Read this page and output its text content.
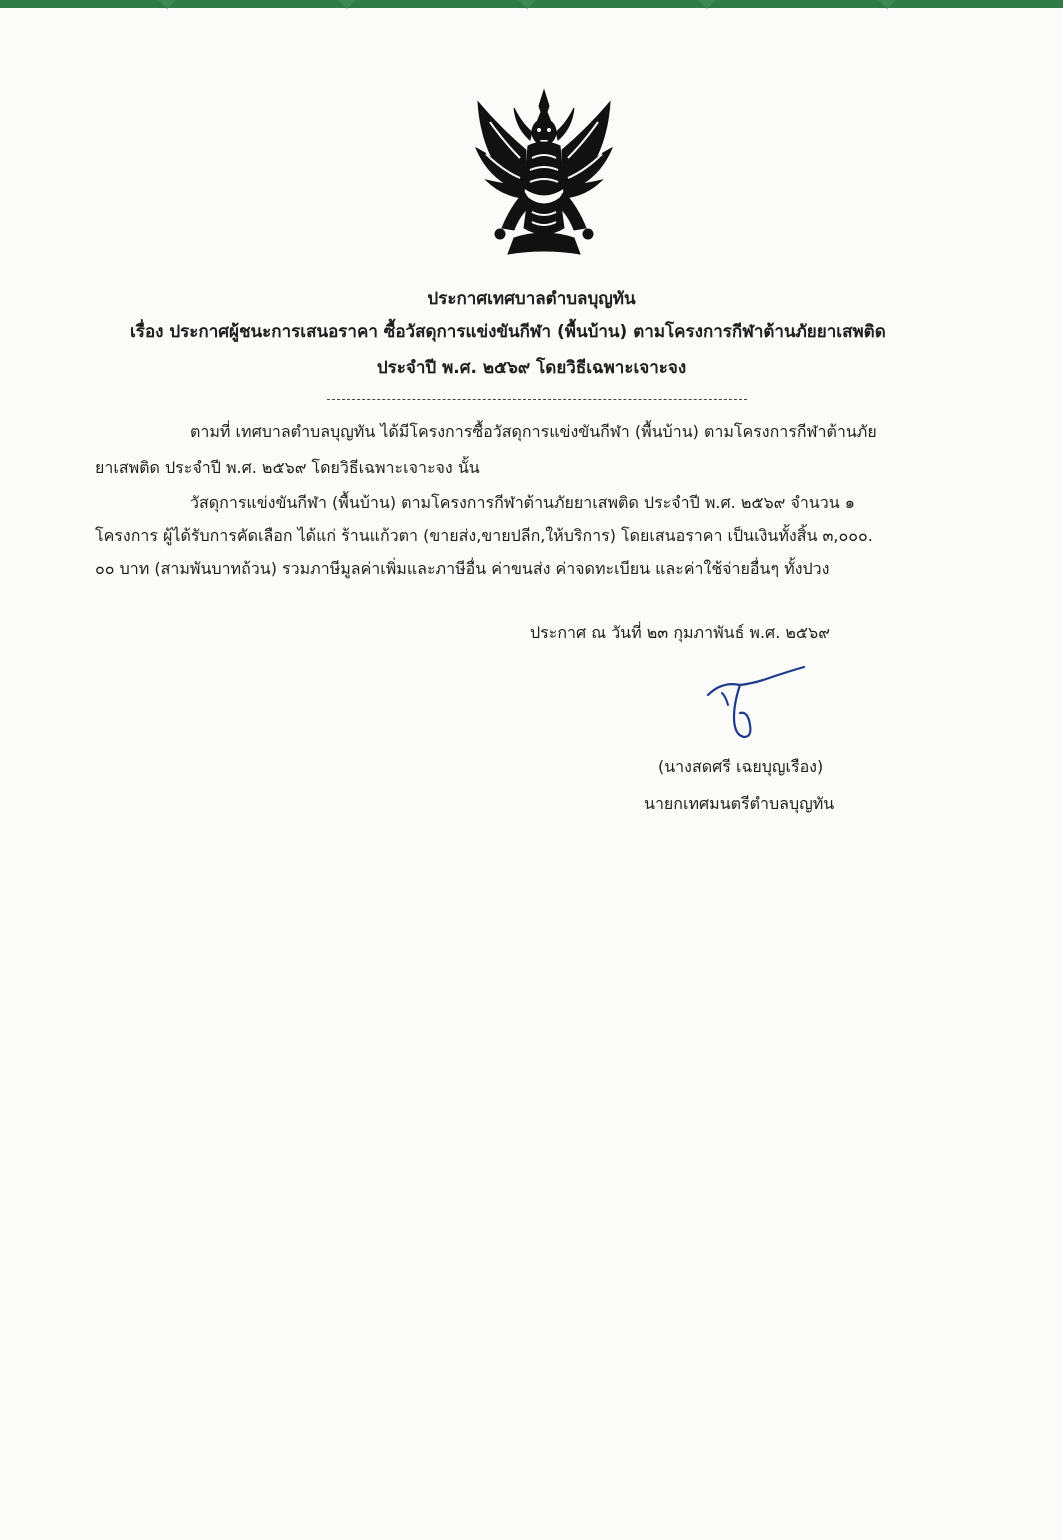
ประกาศเทศบาลตำบลบุญทัน
เรื่อง ประกาศผู้ชนะการเสนอราคา ซื้อวัสดุการแข่งขันกีฬา (พื้นบ้าน) ตามโครงการกีฬาต้านภัยยาเสพติด
ประจำปี พ.ศ. ๒๕๖๙ โดยวิธีเฉพาะเจาะจง
ตามที่ เทศบาลตำบลบุญทัน ได้มีโครงการซื้อวัสดุการแข่งขันกีฬา (พื้นบ้าน) ตามโครงการกีฬาต้านภัย
ยาเสพติด ประจำปี พ.ศ. ๒๕๖๙ โดยวิธีเฉพาะเจาะจง นั้น
วัสดุการแข่งขันกีฬา (พื้นบ้าน) ตามโครงการกีฬาต้านภัยยาเสพติด ประจำปี พ.ศ. ๒๕๖๙ จำนวน ๑
โครงการ ผู้ได้รับการคัดเลือก ได้แก่ ร้านแก้วตา (ขายส่ง,ขายปลีก,ให้บริการ) โดยเสนอราคา เป็นเงินทั้งสิ้น ๓,๐๐๐.
๐๐ บาท (สามพันบาทถ้วน) รวมภาษีมูลค่าเพิ่มและภาษีอื่น ค่าขนส่ง ค่าจดทะเบียน และค่าใช้จ่ายอื่นๆ ทั้งปวง
ประกาศ ณ วันที่ ๒๓ กุมภาพันธ์ พ.ศ. ๒๕๖๙
(นางสดศรี เฉยบุญเรือง)
นายกเทศมนตรีตำบลบุญทัน
